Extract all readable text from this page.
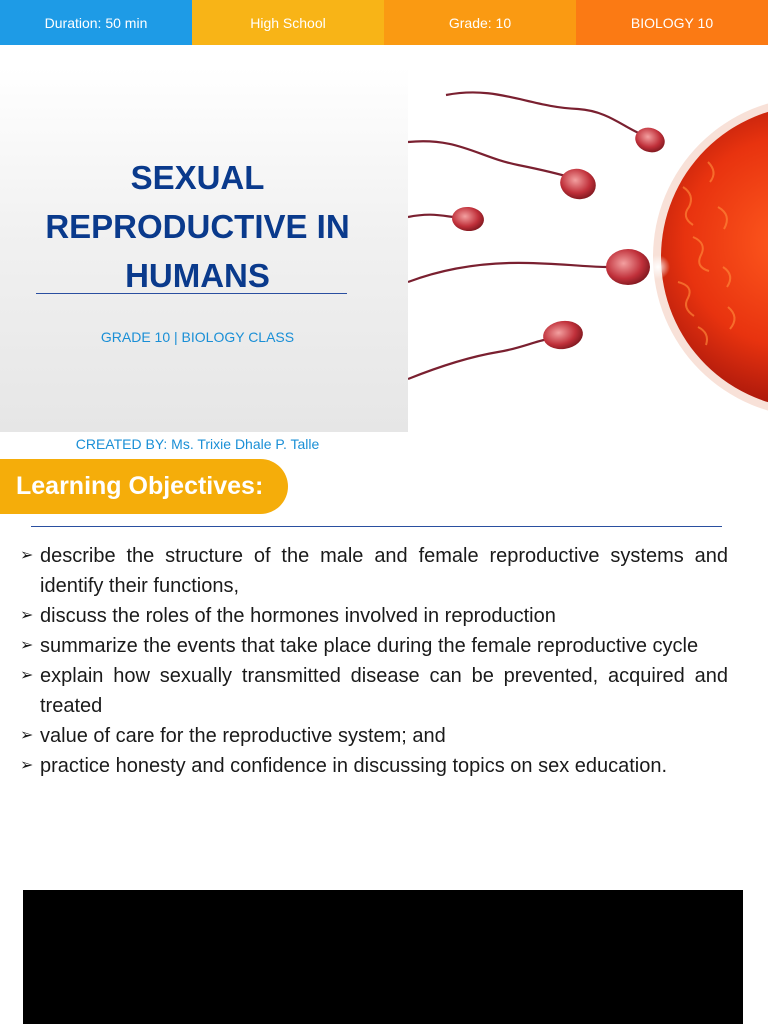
Duration: 50 min	High School	Grade: 10	BIOLOGY 10
SEXUAL REPRODUCTIVE IN HUMANS
GRADE 10 | BIOLOGY CLASS
CREATED BY: Ms. Trixie Dhale P. Talle
Learning Objectives:
➢ describe the structure of the male and female reproductive systems and identify their functions,
➢ discuss the roles of the hormones involved in reproduction
➢ summarize the events that take place during the female reproductive cycle
➢ explain how sexually transmitted disease can be prevented, acquired and treated
➢ value of care for the reproductive system; and
➢ practice honesty and confidence in discussing topics on sex education.
